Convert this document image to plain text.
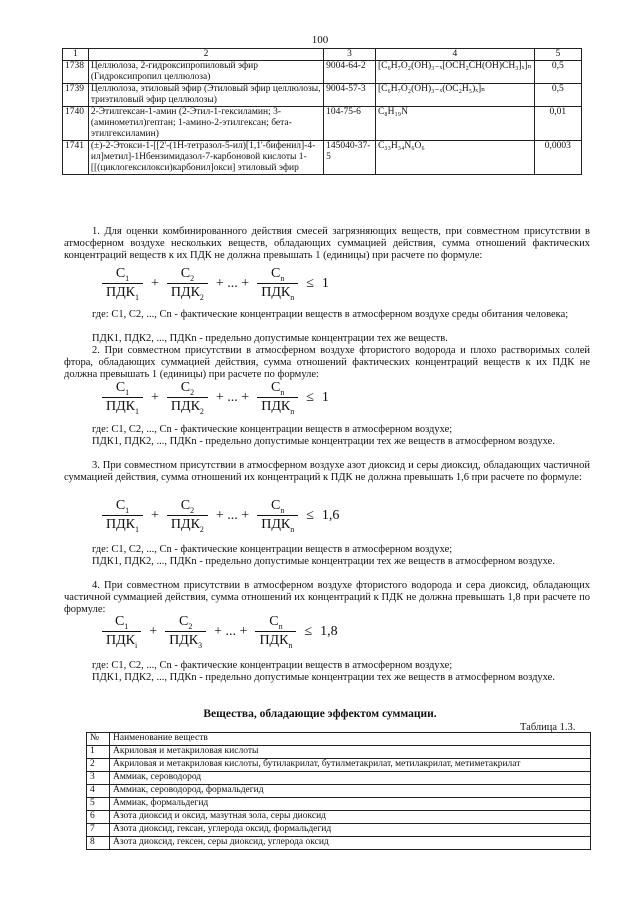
100
1	2	3	4	5
1738	Целлюлоза, 2-гидроксипропиловый эфир (Гидроксипропил целлюлоза)	9004-64-2	[C₆H₇O₂(OH)₃₋ₓ[OCH₂CH(OH)CH₃]ₓ]ₙ	0,5
1739	Целлюлоза, этиловый эфир (Этиловый эфир целлюлозы, триэтиловый эфир целлюлозы)	9004-57-3	[C₆H₇O₂(OH)₃₋ₓ(OC₂H₅)ₓ]ₙ	0,5
1740	2-Этилгексан-1-амин (2-Этил-1-гексиламин; 3-(аминометил)гептан; 1-амино-2-этилгексан; бета-этилгексиламин)	104-75-6	C₈H₁₉N	0,01
1741	(±)-2-Этокси-1-[[2'-(1H-тетразол-5-ил)[1,1'-бифенил]-4-ил]метил]-1Нбензимидазол-7-карбоновой кислоты 1-[[(циклогексилокси)карбонил]окси] этиловый эфир	145040-37-5	C₃₃H₃₄N₆O₆	0,0003

1. Для оценки комбинированного действия смесей загрязняющих веществ, при совместном присутствии в атмосферном воздухе нескольких веществ, обладающих суммацией действия, сумма отношений фактических концентраций веществ к их ПДК не должна превышать 1 (единицы) при расчете по формуле:

$\frac{C_1}{ПДК_1} + \frac{C_2}{ПДК_2}$ + ... + $\frac{C_n}{ПДК_n} \le 1$

где: C1, C2, ..., Cn - фактические концентрации веществ в атмосферном воздухе среды обитания человека;

ПДК1, ПДК2, ..., ПДКn - предельно допустимые концентрации тех же веществ.

2. При совместном присутствии в атмосферном воздухе фтористого водорода и плохо растворимых солей фтора, обладающих суммацией действия, сумма отношений фактических концентраций веществ к их ПДК не должна превышать 1 (единицы) при расчете по формуле:

$\frac{C_1}{ПДК_1} + \frac{C_2}{ПДК_2}$ + ... + $\frac{C_n}{ПДК_n} \le 1$

где: C1, C2, ..., Cn - фактические концентрации веществ в атмосферном воздухе;

ПДК1, ПДК2, ..., ПДКn - предельно допустимые концентрации тех же веществ в атмосферном воздухе.

3. При совместном присутствии в атмосферном воздухе азот диоксид и серы диоксид, обладающих частичной суммацией действия, сумма отношений их концентраций к ПДК не должна превышать 1,6 при расчете по формуле:

$\frac{C_1}{ПДК_1} + \frac{C_2}{ПДК_2}$ + ... + $\frac{C_n}{ПДК_n} \le 1,6$

где: C1, C2, ..., Cn - фактические концентрации веществ в атмосферном воздухе;

ПДК1, ПДК2, ..., ПДКn - предельно допустимые концентрации тех же веществ в атмосферном воздухе.

4. При совместном присутствии в атмосферном воздухе фтористого водорода и сера диоксид, обладающих частичной суммацией действия, сумма отношений их концентраций к ПДК не должна превышать 1,8 при расчете по формуле:

$\frac{C_1}{ПДК_i} + \frac{C_2}{ПДК_3}$ + ... + $\frac{C_n}{ПДК_n} \le 1,8$

где: C1, C2, ..., Cn - фактические концентрации веществ в атмосферном воздухе;

ПДК1, ПДК2, ..., ПДКn - предельно допустимые концентрации тех же веществ в атмосферном воздухе.

Вещества, обладающие эффектом суммации.
Таблица 1.3.
№	Наименование веществ
1	Акриловая и метакриловая кислоты
2	Акриловая и метакриловая кислоты, бутилакрилат, бутилметакрилат, метилакрилат, метиметакрилат
3	Аммиак, сероводород
4	Аммиак, сероводород, формальдегид
5	Аммиак, формальдегид
6	Азота диоксид и оксид, мазутная зола, серы диоксид
7	Азота диоксид, гексан, углерода оксид, формальдегид
8	Азота диоксид, гексен, серы диоксид, углерода оксид
